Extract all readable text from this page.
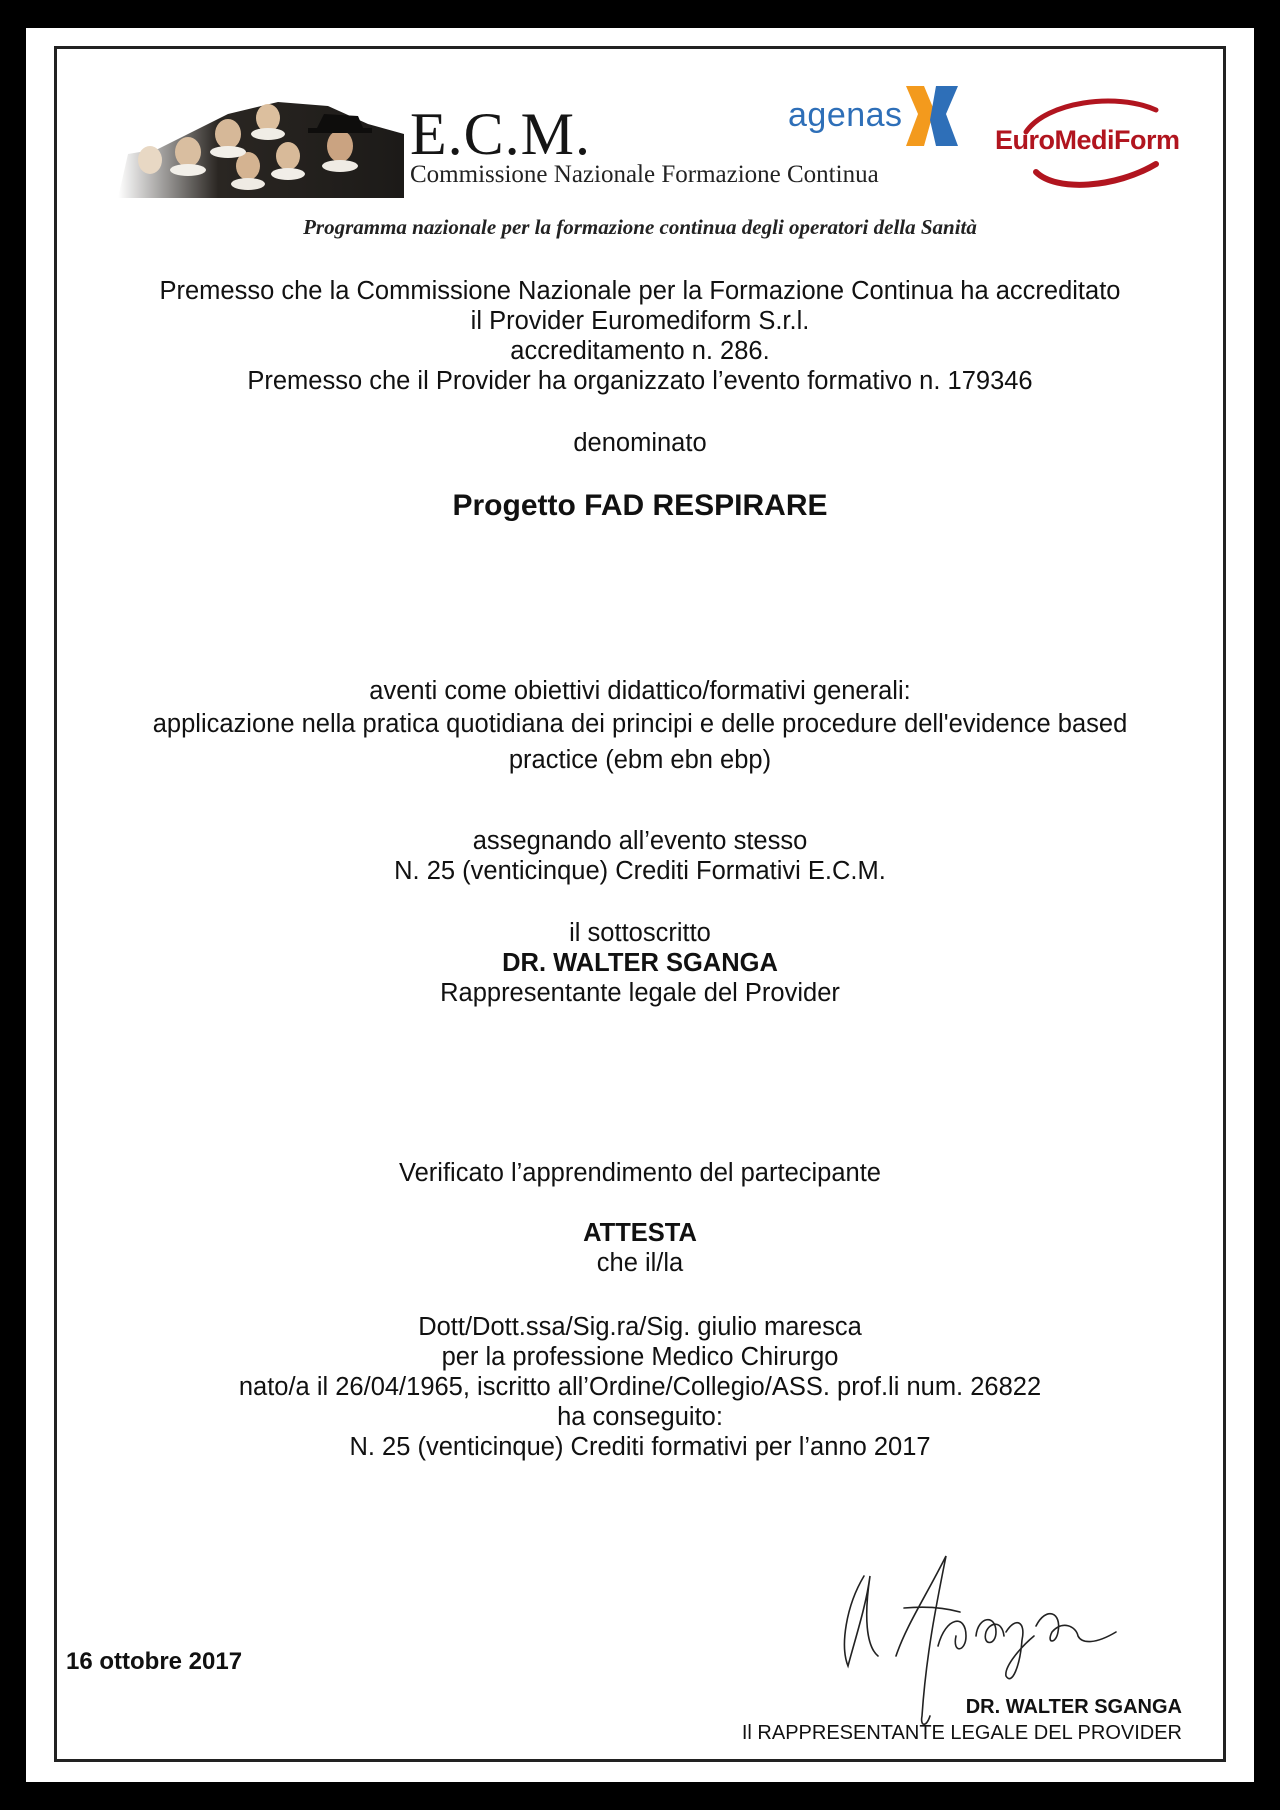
E.C.M.
Commissione Nazionale Formazione Continua
agenas
EuroMediForm
Programma nazionale per la formazione continua degli operatori della Sanità
Premesso che la Commissione Nazionale per la Formazione Continua ha accreditato
il Provider Euromediform S.r.l.
accreditamento n. 286.
Premesso che il Provider ha organizzato l’evento formativo n. 179346
denominato
Progetto FAD RESPIRARE
aventi come obiettivi didattico/formativi generali:
applicazione nella pratica quotidiana dei principi e delle procedure dell'evidence based
practice (ebm ebn ebp)
assegnando all’evento stesso
N. 25 (venticinque) Crediti Formativi E.C.M.
il sottoscritto
DR. WALTER SGANGA
Rappresentante legale del Provider
Verificato l’apprendimento del partecipante
ATTESTA
che il/la
Dott/Dott.ssa/Sig.ra/Sig. giulio maresca
per la professione Medico Chirurgo
nato/a il 26/04/1965, iscritto all’Ordine/Collegio/ASS. prof.li num. 26822
ha conseguito:
N. 25 (venticinque) Crediti formativi per l’anno 2017
16 ottobre 2017
DR. WALTER SGANGA
Il RAPPRESENTANTE LEGALE DEL PROVIDER
